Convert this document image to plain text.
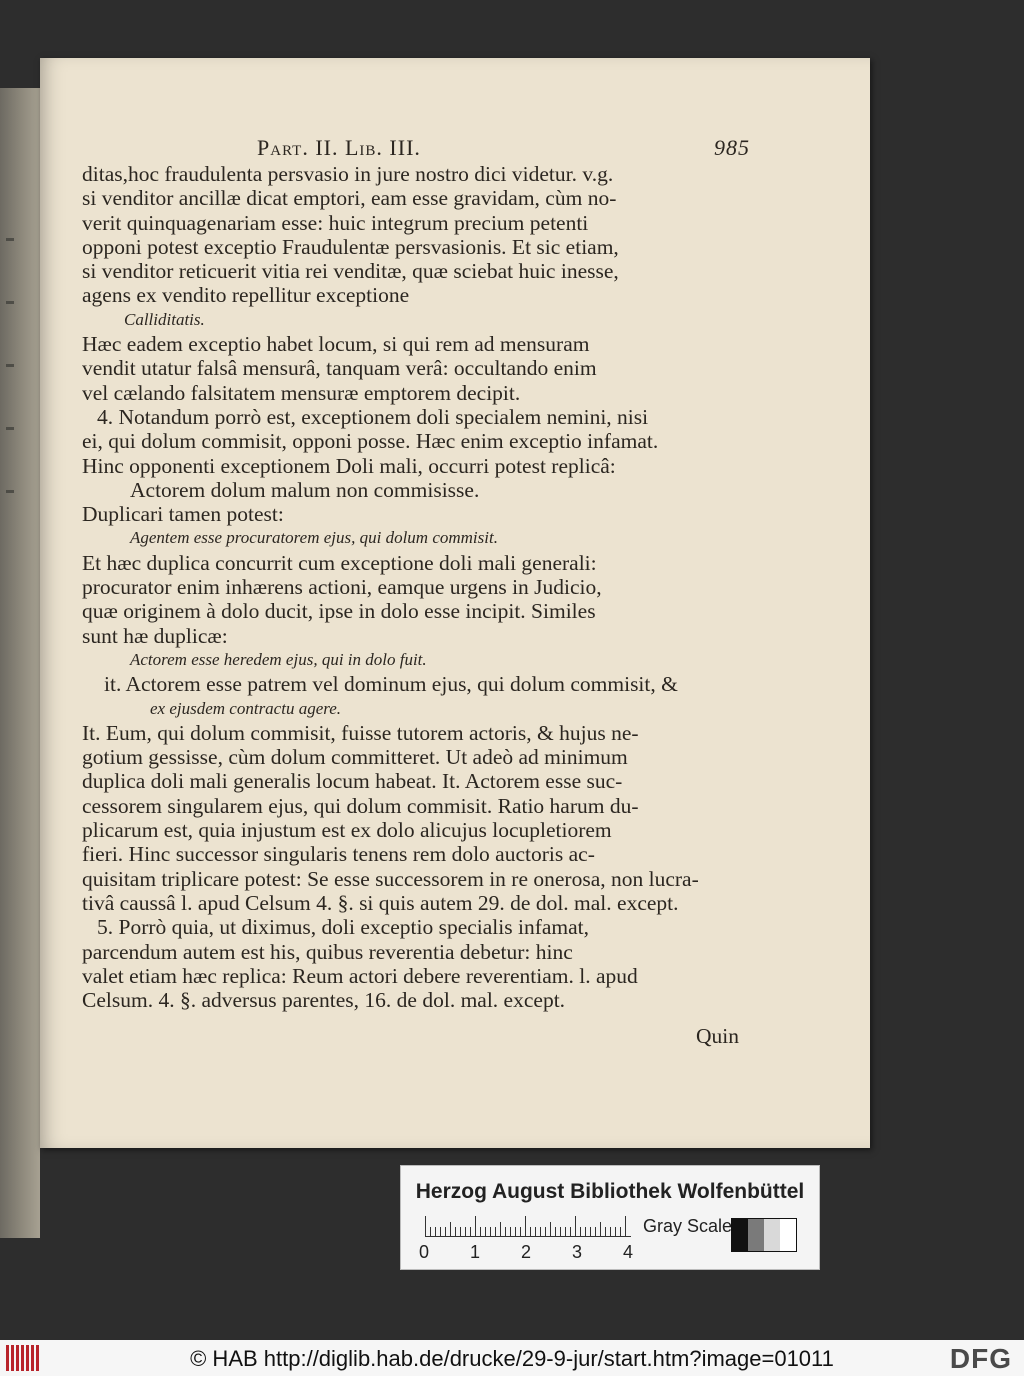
Part. II. Lib. III.	985

ditas,hoc fraudulenta persvasio in jure nostro dici videtur. v.g.

si venditor ancillæ dicat emptori, eam esse gravidam, cùm no-

verit quinquagenariam esse: huic integrum precium petenti

opponi potest exceptio Fraudulentæ persvasionis. Et sic etiam,

si venditor reticuerit vitia rei venditæ, quæ sciebat huic inesse,

agens ex vendito repellitur exceptione

Calliditatis.

Hæc eadem exceptio habet locum, si qui rem ad mensuram

vendit utatur falsâ mensurâ, tanquam verâ: occultando enim

vel cælando falsitatem mensuræ emptorem decipit.

4. Notandum porrò est, exceptionem doli specialem nemini, nisi

ei, qui dolum commisit, opponi posse. Hæc enim exceptio infamat.

Hinc opponenti exceptionem Doli mali, occurri potest replicâ:

Actorem dolum malum non commisisse.

Duplicari tamen potest:

Agentem esse procuratorem ejus, qui dolum commisit.

Et hæc duplica concurrit cum exceptione doli mali generali:

procurator enim inhærens actioni, eamque urgens in Judicio,

quæ originem à dolo ducit, ipse in dolo esse incipit. Similes

sunt hæ duplicæ:

Actorem esse heredem ejus, qui in dolo fuit.

it. Actorem esse patrem vel dominum ejus, qui dolum commisit, &

ex ejusdem contractu agere.

It. Eum, qui dolum commisit, fuisse tutorem actoris, & hujus ne-

gotium gessisse, cùm dolum committeret. Ut adeò ad minimum

duplica doli mali generalis locum habeat. It. Actorem esse suc-

cessorem singularem ejus, qui dolum commisit. Ratio harum du-

plicarum est, quia injustum est ex dolo alicujus locupletiorem

fieri. Hinc successor singularis tenens rem dolo auctoris ac-

quisitam triplicare potest: Se esse successorem in re onerosa, non lucra-

tivâ caussâ l. apud Celsum 4. §. si quis autem 29. de dol. mal. except.

5. Porrò quia, ut diximus, doli exceptio specialis infamat,

parcendum autem est his, quibus reverentia debetur: hinc

valet etiam hæc replica: Reum actori debere reverentiam. l. apud

Celsum. 4. §. adversus parentes, 16. de dol. mal. except.

Quin

Herzog August Bibliothek Wolfenbüttel
0 1 2 3 4
Gray Scale
© HAB http://diglib.hab.de/drucke/29-9-jur/start.htm?image=01011	DFG
